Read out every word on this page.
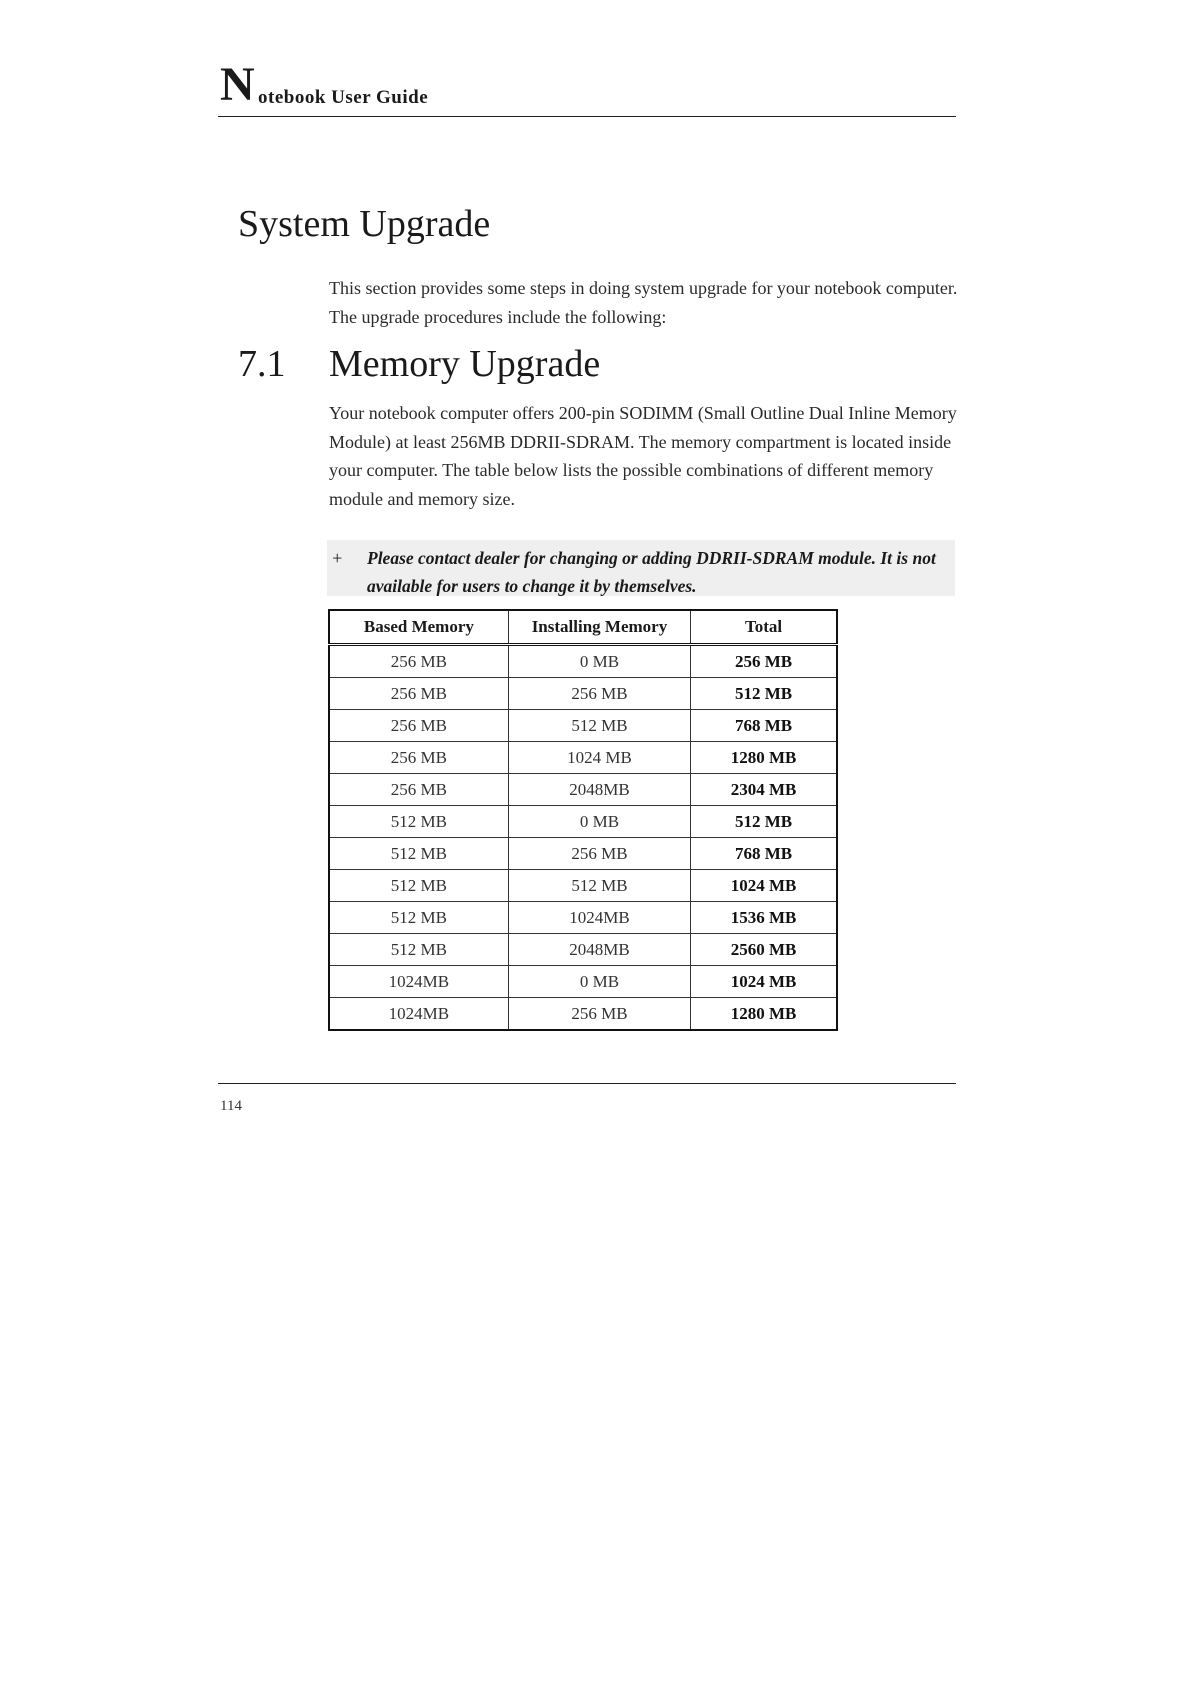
N otebook User Guide
System Upgrade

This section provides some steps in doing system upgrade for your notebook computer. The upgrade procedures include the following:

7.1 Memory Upgrade

Your notebook computer offers 200-pin SODIMM (Small Outline Dual Inline Memory Module) at least 256MB DDRII-SDRAM. The memory compartment is located inside your computer. The table below lists the possible combinations of different memory module and memory size.

+ Please contact dealer for changing or adding DDRII-SDRAM module. It is not available for users to change it by themselves.
Based Memory	Installing Memory	Total
256 MB	0 MB	256 MB
256 MB	256 MB	512 MB
256 MB	512 MB	768 MB
256 MB	1024 MB	1280 MB
256 MB	2048MB	2304 MB
512 MB	0 MB	512 MB
512 MB	256 MB	768 MB
512 MB	512 MB	1024 MB
512 MB	1024MB	1536 MB
512 MB	2048MB	2560 MB
1024MB	0 MB	1024 MB
1024MB	256 MB	1280 MB
114
